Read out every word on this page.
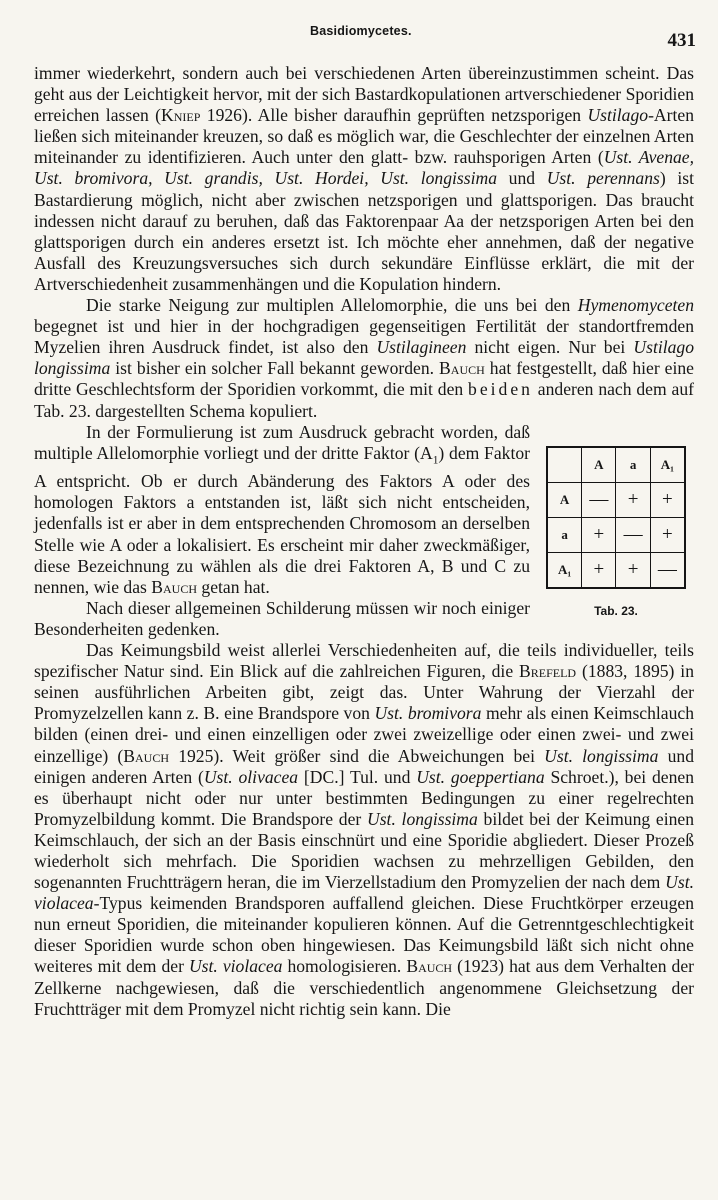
Basidiomycetes.	431

immer wiederkehrt, sondern auch bei verschiedenen Arten übereinzustimmen scheint. Das geht aus der Leichtigkeit hervor, mit der sich Bastardkopulationen artverschiedener Sporidien erreichen lassen (Kniep 1926). Alle bisher daraufhin geprüften netzsporigen Ustilago-Arten ließen sich miteinander kreuzen, so daß es möglich war, die Geschlechter der einzelnen Arten miteinander zu identifizieren. Auch unter den glatt- bzw. rauhsporigen Arten (Ust. Avenae, Ust. bromivora, Ust. grandis, Ust. Hordei, Ust. longissima und Ust. perennans) ist Bastardierung möglich, nicht aber zwischen netzsporigen und glattsporigen. Das braucht indessen nicht darauf zu beruhen, daß das Faktorenpaar Aa der netzsporigen Arten bei den glattsporigen durch ein anderes ersetzt ist. Ich möchte eher annehmen, daß der negative Ausfall des Kreuzungsversuches sich durch sekundäre Einflüsse erklärt, die mit der Artverschiedenheit zusammenhängen und die Kopulation hindern.

Die starke Neigung zur multiplen Allelomorphie, die uns bei den Hymenomyceten begegnet ist und hier in der hochgradigen gegenseitigen Fertilität der standortfremden Myzelien ihren Ausdruck findet, ist also den Ustilagineen nicht eigen. Nur bei Ustilago longissima ist bisher ein solcher Fall bekannt geworden. Bauch hat festgestellt, daß hier eine dritte Geschlechtsform der Sporidien vorkommt, die mit den beiden anderen nach dem auf Tab. 23. dargestellten Schema kopuliert.

	A	a	A₁
A	—	+	+
a	+	—	+
A₁	+	+	—
Tab. 23.

In der Formulierung ist zum Ausdruck gebracht worden, daß multiple Allelomorphie vorliegt und der dritte Faktor $(A_1)$ dem Faktor A entspricht. Ob er durch Abänderung des Faktors A oder des homologen Faktors a entstanden ist, läßt sich nicht entscheiden, jedenfalls ist er aber in dem entsprechenden Chromosom an derselben Stelle wie A oder a lokalisiert. Es erscheint mir daher zweckmäßiger, diese Bezeichnung zu wählen als die drei Faktoren A, B und C zu nennen, wie das Bauch getan hat.

Nach dieser allgemeinen Schilderung müssen wir noch einiger Besonderheiten gedenken.

Das Keimungsbild weist allerlei Verschiedenheiten auf, die teils individueller, teils spezifischer Natur sind. Ein Blick auf die zahlreichen Figuren, die Brefeld (1883, 1895) in seinen ausführlichen Arbeiten gibt, zeigt das. Unter Wahrung der Vierzahl der Promyzelzellen kann z. B. eine Brandspore von Ust. bromivora mehr als einen Keimschlauch bilden (einen drei- und einen einzelligen oder zwei zweizellige oder einen zwei- und zwei einzellige) (Bauch 1925). Weit größer sind die Abweichungen bei Ust. longissima und einigen anderen Arten (Ust. olivacea [DC.] Tul. und Ust. goeppertiana Schroet.), bei denen es überhaupt nicht oder nur unter bestimmten Bedingungen zu einer regelrechten Promyzelbildung kommt. Die Brandspore der Ust. longissima bildet bei der Keimung einen Keimschlauch, der sich an der Basis einschnürt und eine Sporidie abgliedert. Dieser Prozeß wiederholt sich mehrfach. Die Sporidien wachsen zu mehrzelligen Gebilden, den sogenannten Fruchtträgern heran, die im Vierzellstadium den Promyzelien der nach dem Ust. violacea-Typus keimenden Brandsporen auffallend gleichen. Diese Fruchtkörper erzeugen nun erneut Sporidien, die miteinander kopulieren können. Auf die Getrenntgeschlechtigkeit dieser Sporidien wurde schon oben hingewiesen. Das Keimungsbild läßt sich nicht ohne weiteres mit dem der Ust. violacea homologisieren. Bauch (1923) hat aus dem Verhalten der Zellkerne nachgewiesen, daß die verschiedentlich angenommene Gleichsetzung der Fruchtträger mit dem Promyzel nicht richtig sein kann. Die
